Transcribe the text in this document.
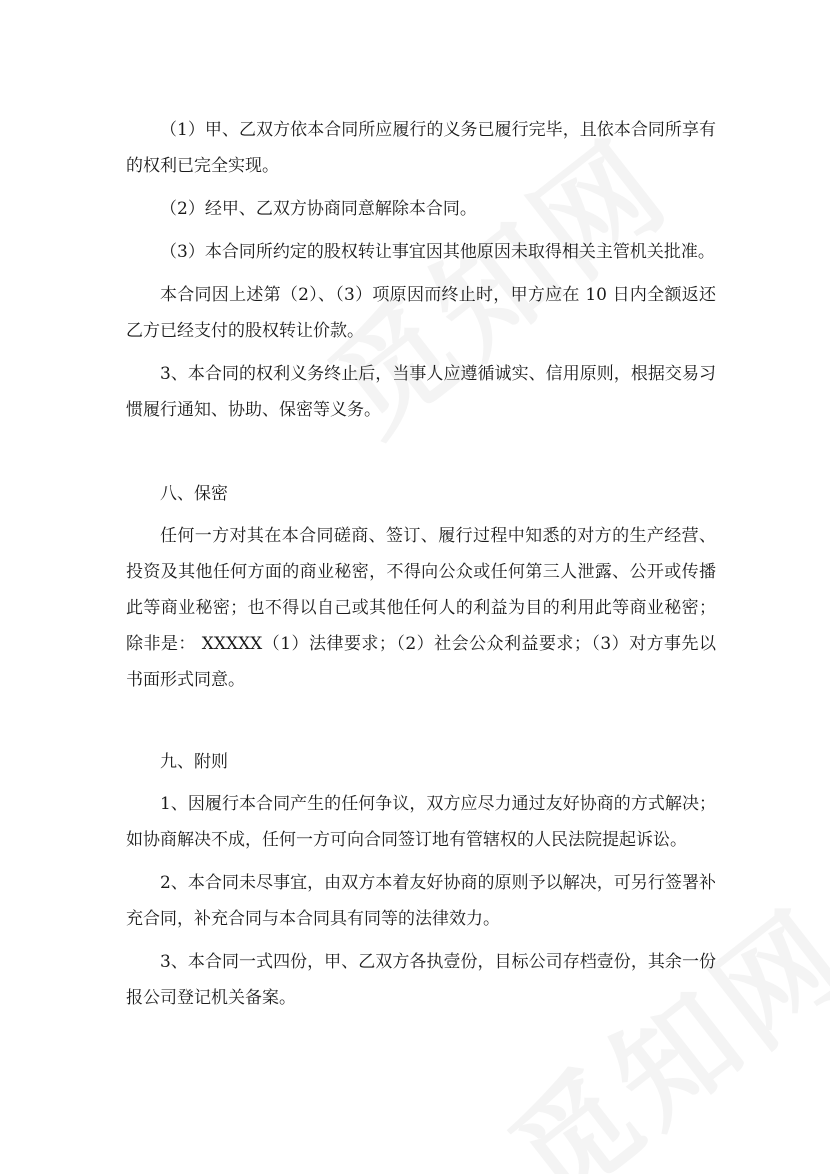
（1）甲、乙双方依本合同所应履行的义务已履行完毕，且依本合同所享有的权利已完全实现。

（2）经甲、乙双方协商同意解除本合同。

（3）本合同所约定的股权转让事宜因其他原因未取得相关主管机关批准。

本合同因上述第（2）、（3）项原因而终止时，甲方应在 10 日内全额返还乙方已经支付的股权转让价款。

3、本合同的权利义务终止后，当事人应遵循诚实、信用原则，根据交易习惯履行通知、协助、保密等义务。

八、保密

任何一方对其在本合同磋商、签订、履行过程中知悉的对方的生产经营、投资及其他任何方面的商业秘密，不得向公众或任何第三人泄露、公开或传播此等商业秘密；也不得以自己或其他任何人的利益为目的利用此等商业秘密；除非是： XXXXX（1）法律要求；（2）社会公众利益要求；（3）对方事先以书面形式同意。

九、附则

1、因履行本合同产生的任何争议，双方应尽力通过友好协商的方式解决；如协商解决不成，任何一方可向合同签订地有管辖权的人民法院提起诉讼。

2、本合同未尽事宜，由双方本着友好协商的原则予以解决，可另行签署补充合同，补充合同与本合同具有同等的法律效力。

3、本合同一式四份，甲、乙双方各执壹份，目标公司存档壹份，其余一份报公司登记机关备案。
